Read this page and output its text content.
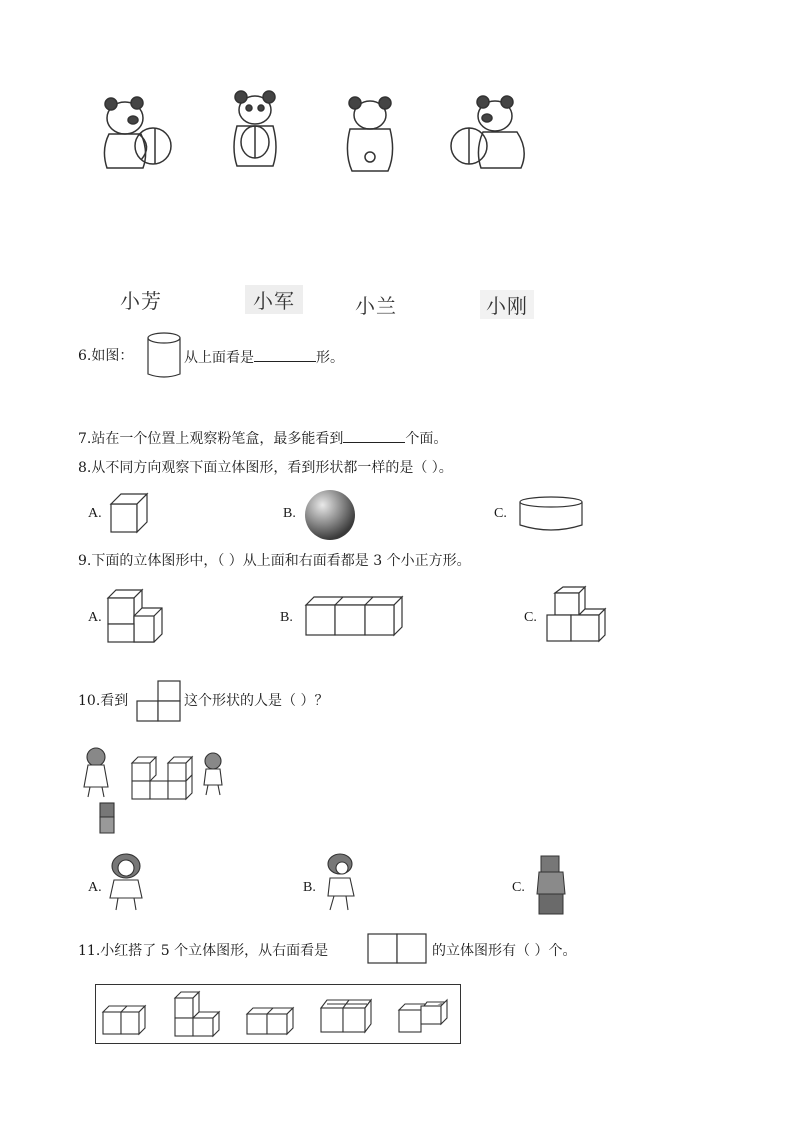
小芳	小军	小兰	小刚
6.如图：	从上面看是	形。
7.站在一个位置上观察粉笔盒，最多能看到	个面。
8.从不同方向观察下面立体图形，看到形状都一样的是（ ）。
A.	B.	C.
9.下面的立体图形中，（ ）从上面和右面看都是 3 个小正方形。
A.	B.	C.
10.看到	这个形状的人是（ ）？
A.	B.	C.
11.小红搭了 5 个立体图形，从右面看是	的立体图形有（ ）个。
